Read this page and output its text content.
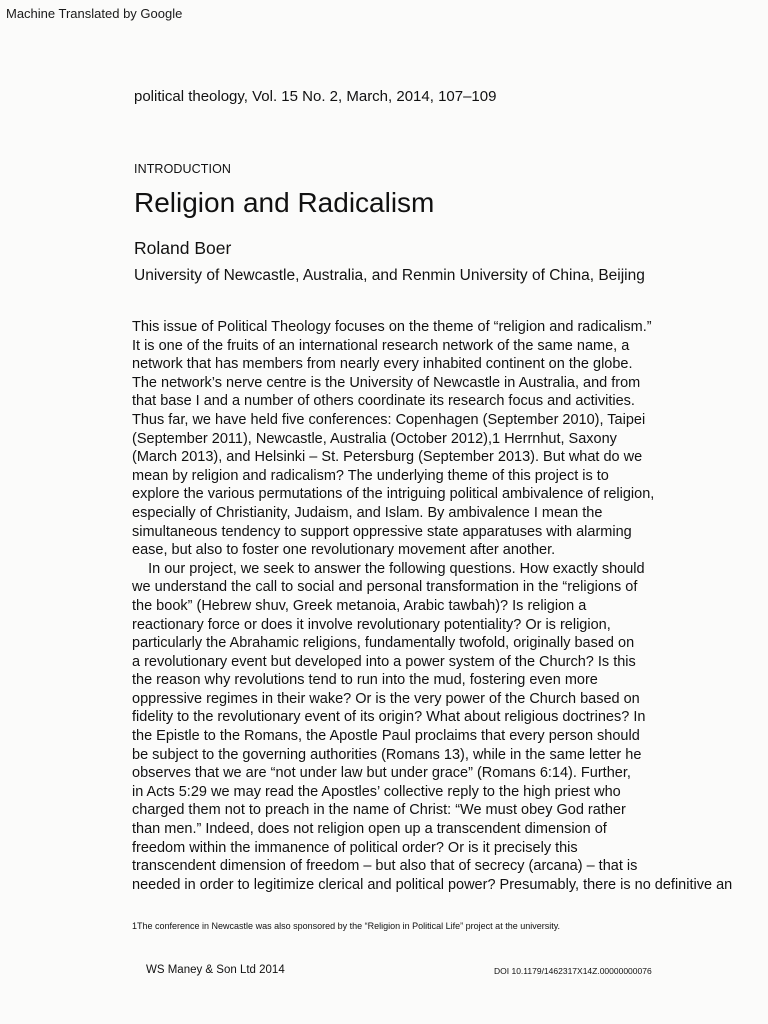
Machine Translated by Google
political theology, Vol. 15 No. 2, March, 2014, 107–109
INTRODUCTION
Religion and Radicalism
Roland Boer
University of Newcastle, Australia, and Renmin University of China, Beijing
This issue of Political Theology focuses on the theme of “religion and radicalism.”
It is one of the fruits of an international research network of the same name, a
network that has members from nearly every inhabited continent on the globe.
The network’s nerve centre is the University of Newcastle in Australia, and from
that base I and a number of others coordinate its research focus and activities.
Thus far, we have held five conferences: Copenhagen (September 2010), Taipei
(September 2011), Newcastle, Australia (October 2012),1 Herrnhut, Saxony
(March 2013), and Helsinki – St. Petersburg (September 2013). But what do we
mean by religion and radicalism? The underlying theme of this project is to
explore the various permutations of the intriguing political ambivalence of religion,
especially of Christianity, Judaism, and Islam. By ambivalence I mean the
simultaneous tendency to support oppressive state apparatuses with alarming
ease, but also to foster one revolutionary movement after another.
In our project, we seek to answer the following questions. How exactly should
we understand the call to social and personal transformation in the “religions of
the book” (Hebrew shuv, Greek metanoia, Arabic tawbah)? Is religion a
reactionary force or does it involve revolutionary potentiality? Or is religion,
particularly the Abrahamic religions, fundamentally twofold, originally based on
a revolutionary event but developed into a power system of the Church? Is this
the reason why revolutions tend to run into the mud, fostering even more
oppressive regimes in their wake? Or is the very power of the Church based on
fidelity to the revolutionary event of its origin? What about religious doctrines? In
the Epistle to the Romans, the Apostle Paul proclaims that every person should
be subject to the governing authorities (Romans 13), while in the same letter he
observes that we are “not under law but under grace” (Romans 6:14). Further,
in Acts 5:29 we may read the Apostles’ collective reply to the high priest who
charged them not to preach in the name of Christ: “We must obey God rather
than men.” Indeed, does not religion open up a transcendent dimension of
freedom within the immanence of political order? Or is it precisely this
transcendent dimension of freedom – but also that of secrecy (arcana) – that is
needed in order to legitimize clerical and political power? Presumably, there is no definitive an
1The conference in Newcastle was also sponsored by the “Religion in Political Life” project at the university.
WS Maney & Son Ltd 2014	DOI 10.1179/1462317X14Z.00000000076
